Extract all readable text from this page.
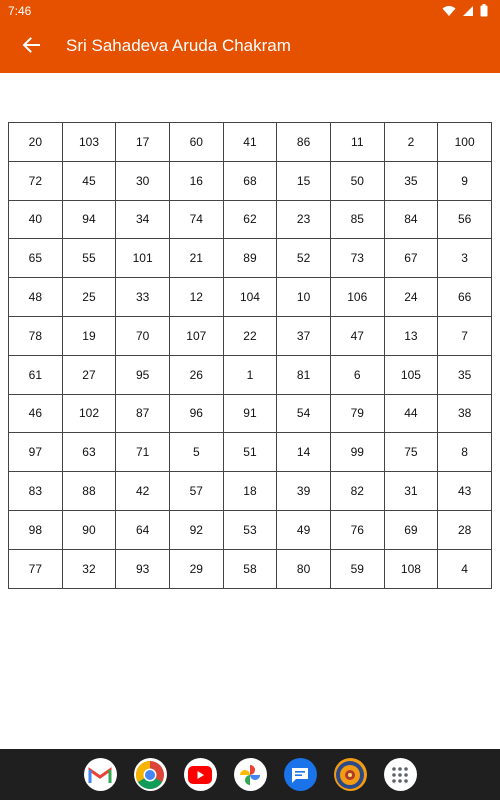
7:46
Sri Sahadeva Aruda Chakram
20	103	17	60	41	86	11	2	100
72	45	30	16	68	15	50	35	9
40	94	34	74	62	23	85	84	56
65	55	101	21	89	52	73	67	3
48	25	33	12	104	10	106	24	66
78	19	70	107	22	37	47	13	7
61	27	95	26	1	81	6	105	35
46	102	87	96	91	54	79	44	38
97	63	71	5	51	14	99	75	8
83	88	42	57	18	39	82	31	43
98	90	64	92	53	49	76	69	28
77	32	93	29	58	80	59	108	4
